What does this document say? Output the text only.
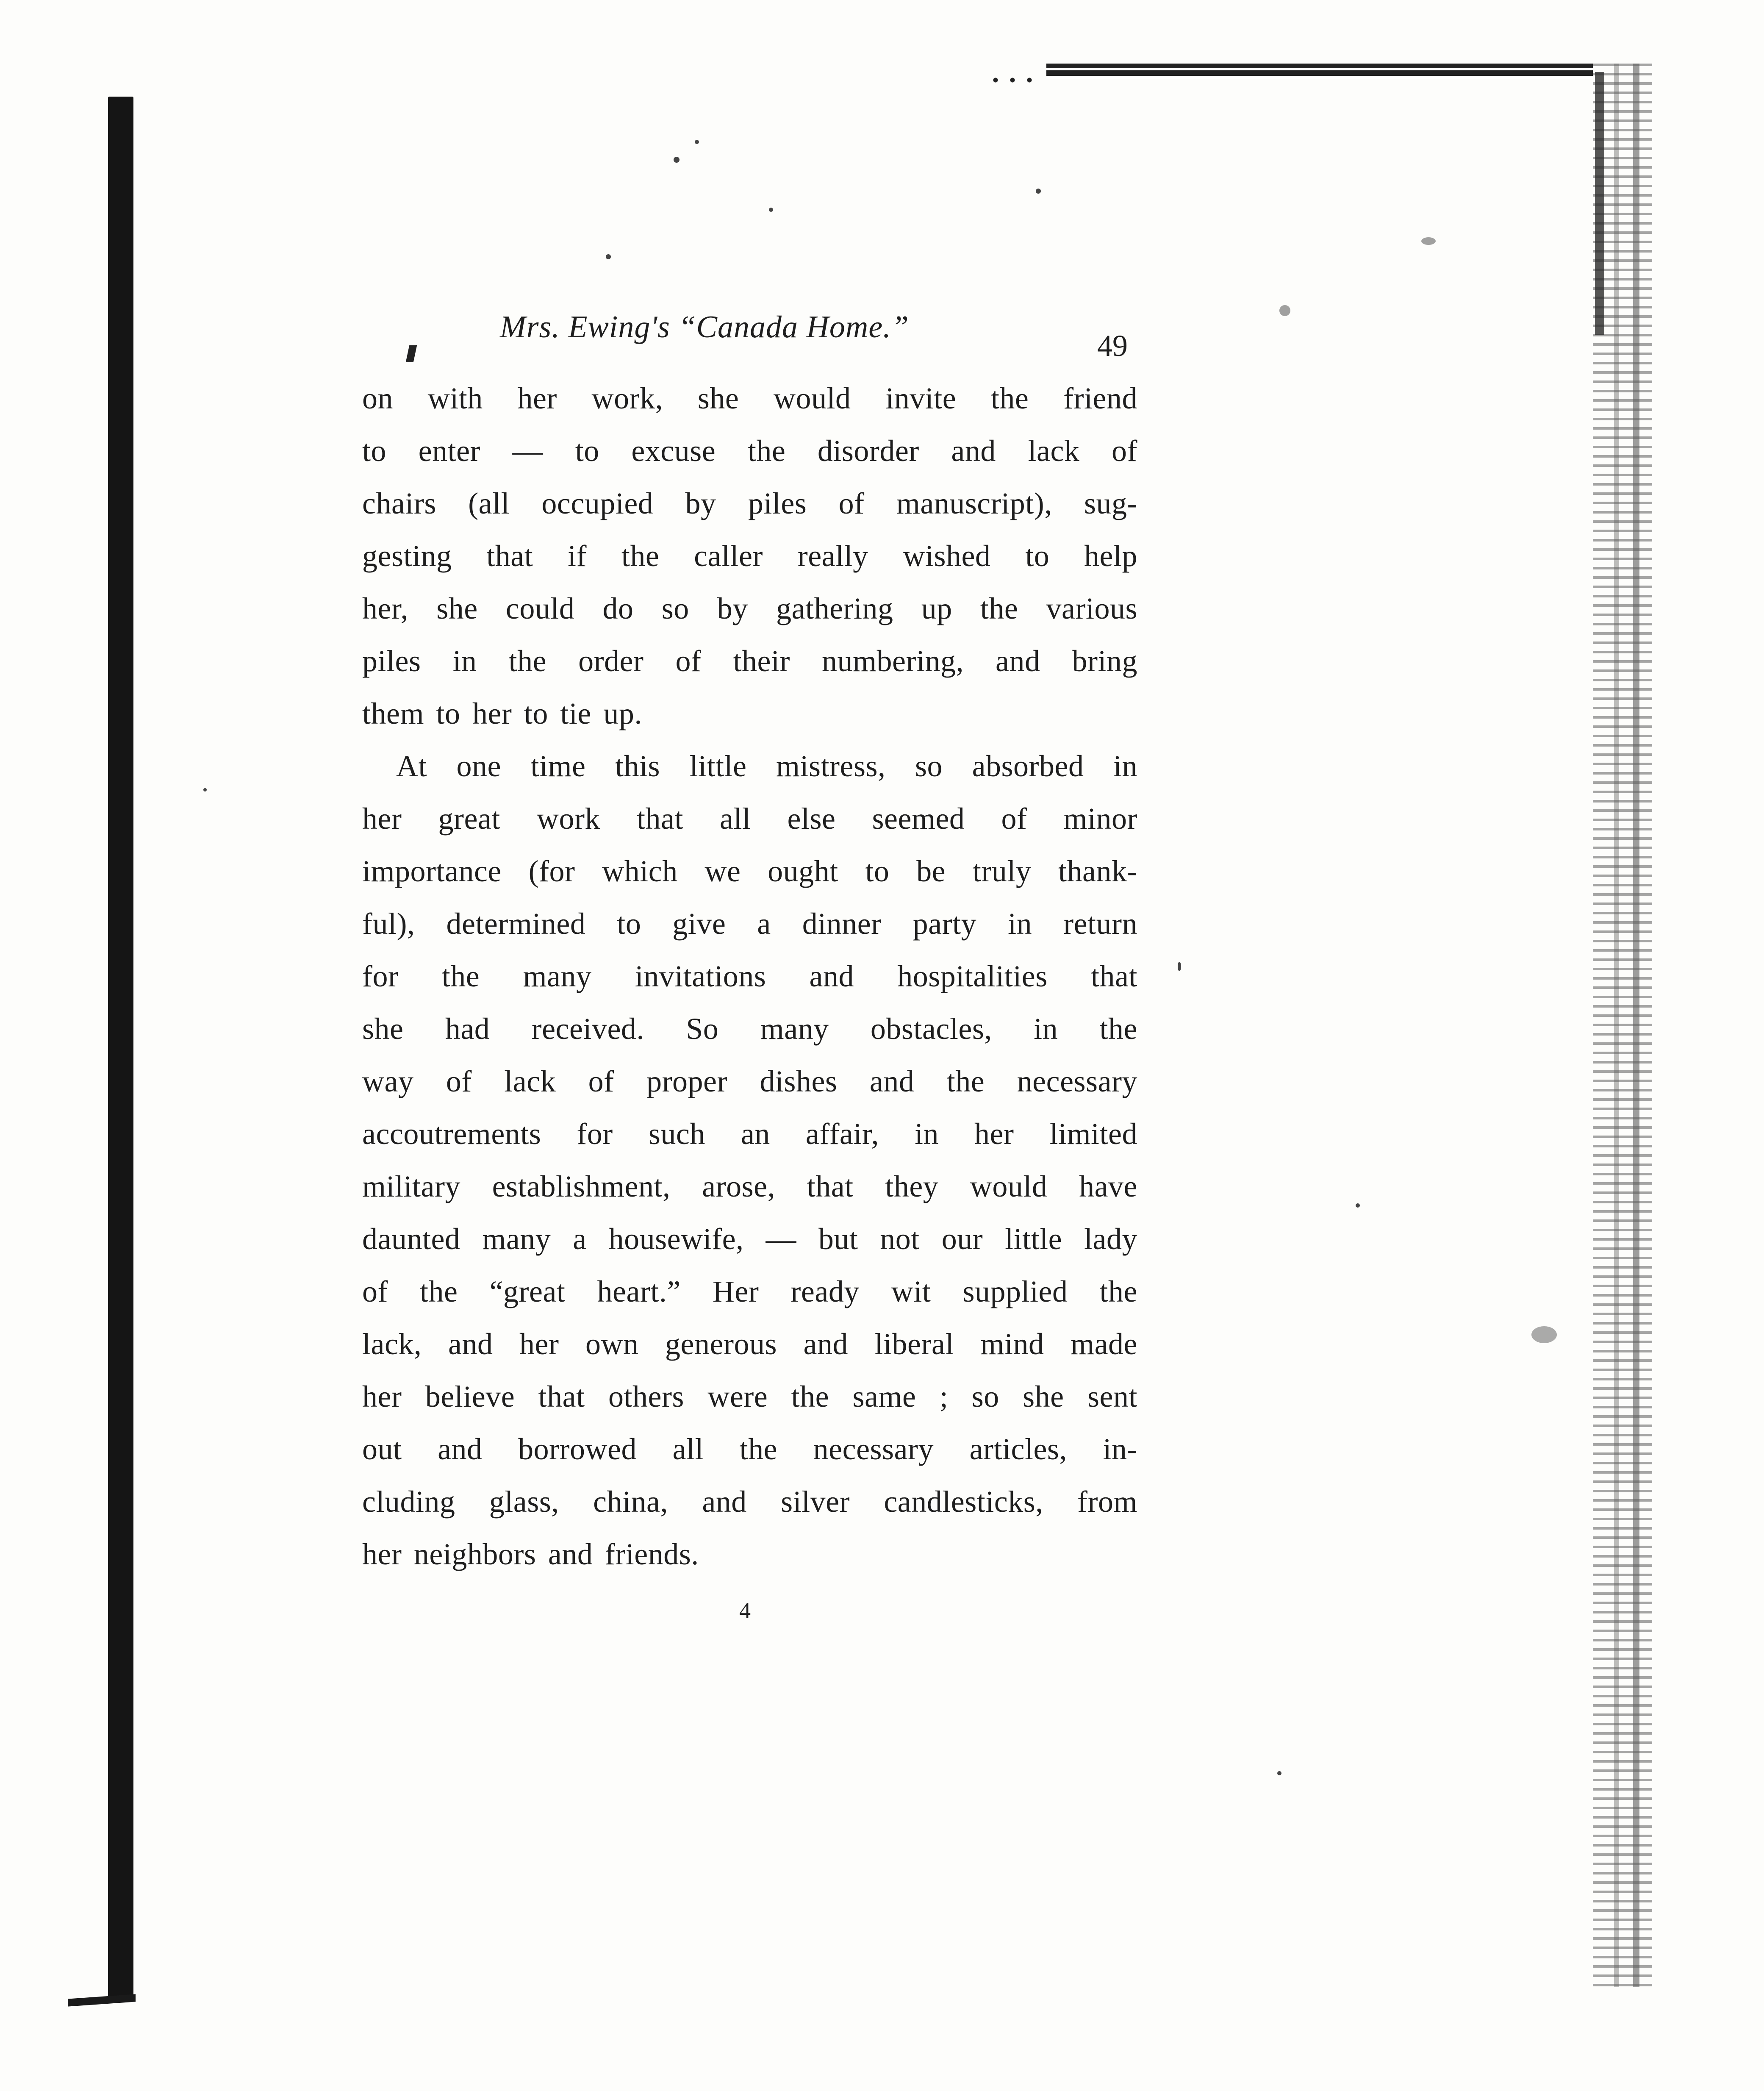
Mrs. Ewing's “Canada Home.”
49
on with her work, she would invite the friend
to enter — to excuse the disorder and lack of
chairs (all occupied by piles of manuscript), sug-
gesting that if the caller really wished to help
her, she could do so by gathering up the various
piles in the order of their numbering, and bring
them to her to tie up.
At one time this little mistress, so absorbed in
her great work that all else seemed of minor
importance (for which we ought to be truly thank-
ful), determined to give a dinner party in return
for the many invitations and hospitalities that
she had received. So many obstacles, in the
way of lack of proper dishes and the necessary
accoutrements for such an affair, in her limited
military establishment, arose, that they would have
daunted many a housewife, — but not our little lady
of the “great heart.” Her ready wit supplied the
lack, and her own generous and liberal mind made
her believe that others were the same ; so she sent
out and borrowed all the necessary articles, in-
cluding glass, china, and silver candlesticks, from
her neighbors and friends.
4
